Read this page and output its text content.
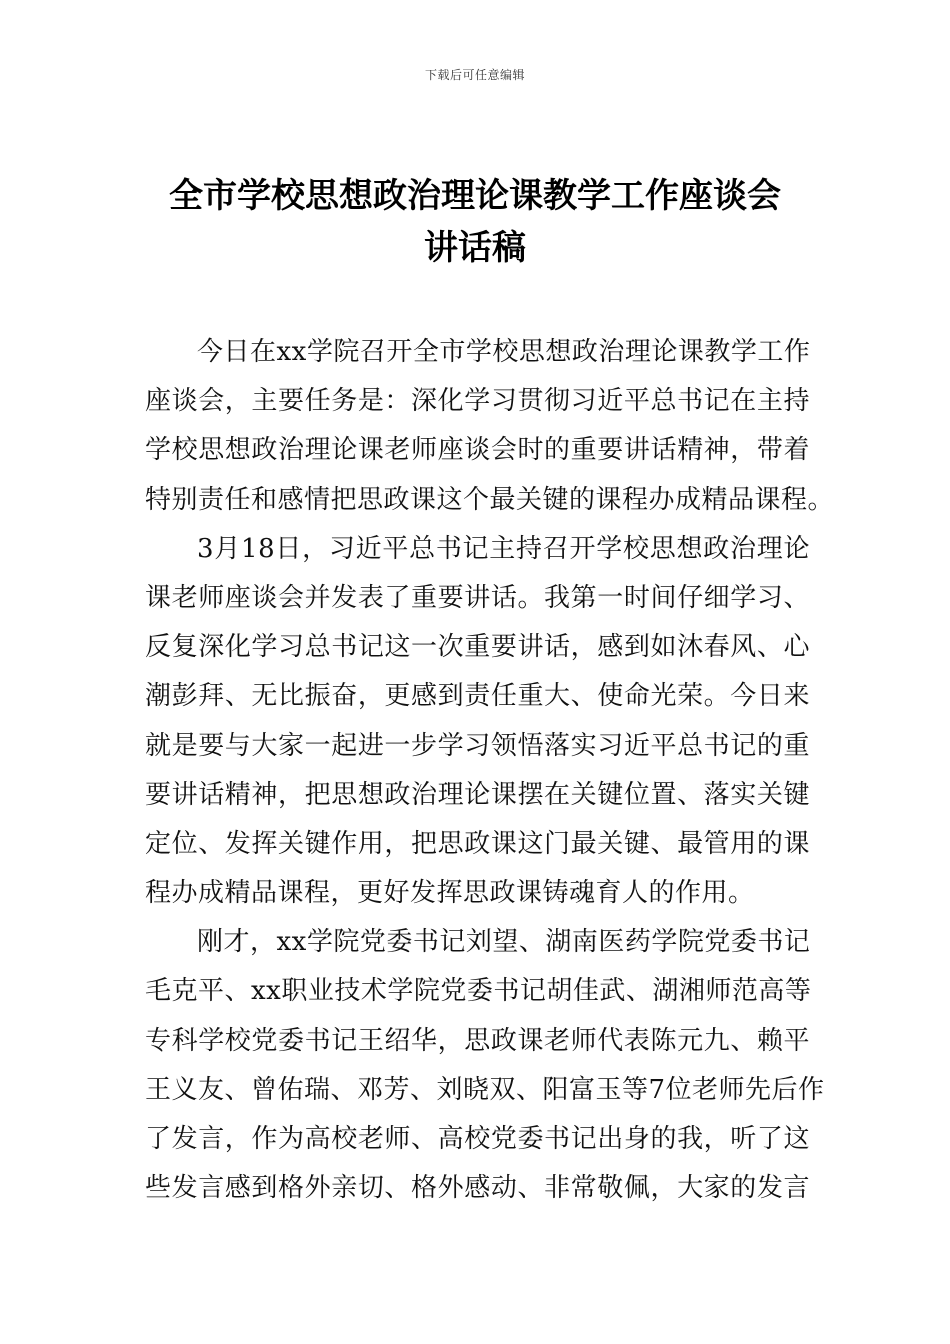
下载后可任意编辑
全市学校思想政治理论课教学工作座谈会
讲话稿
今日在xx学院召开全市学校思想政治理论课教学工作
座谈会，主要任务是：深化学习贯彻习近平总书记在主持
学校思想政治理论课老师座谈会时的重要讲话精神，带着
特别责任和感情把思政课这个最关键的课程办成精品课程。
3月18日，习近平总书记主持召开学校思想政治理论
课老师座谈会并发表了重要讲话。我第一时间仔细学习、
反复深化学习总书记这一次重要讲话，感到如沐春风、心
潮彭拜、无比振奋，更感到责任重大、使命光荣。今日来
就是要与大家一起进一步学习领悟落实习近平总书记的重
要讲话精神，把思想政治理论课摆在关键位置、落实关键
定位、发挥关键作用，把思政课这门最关键、最管用的课
程办成精品课程，更好发挥思政课铸魂育人的作用。
刚才，xx学院党委书记刘望、湖南医药学院党委书记
毛克平、xx职业技术学院党委书记胡佳武、湖湘师范高等
专科学校党委书记王绍华，思政课老师代表陈元九、赖平
王义友、曾佑瑞、邓芳、刘晓双、阳富玉等7位老师先后作
了发言，作为高校老师、高校党委书记出身的我，听了这
些发言感到格外亲切、格外感动、非常敬佩，大家的发言
